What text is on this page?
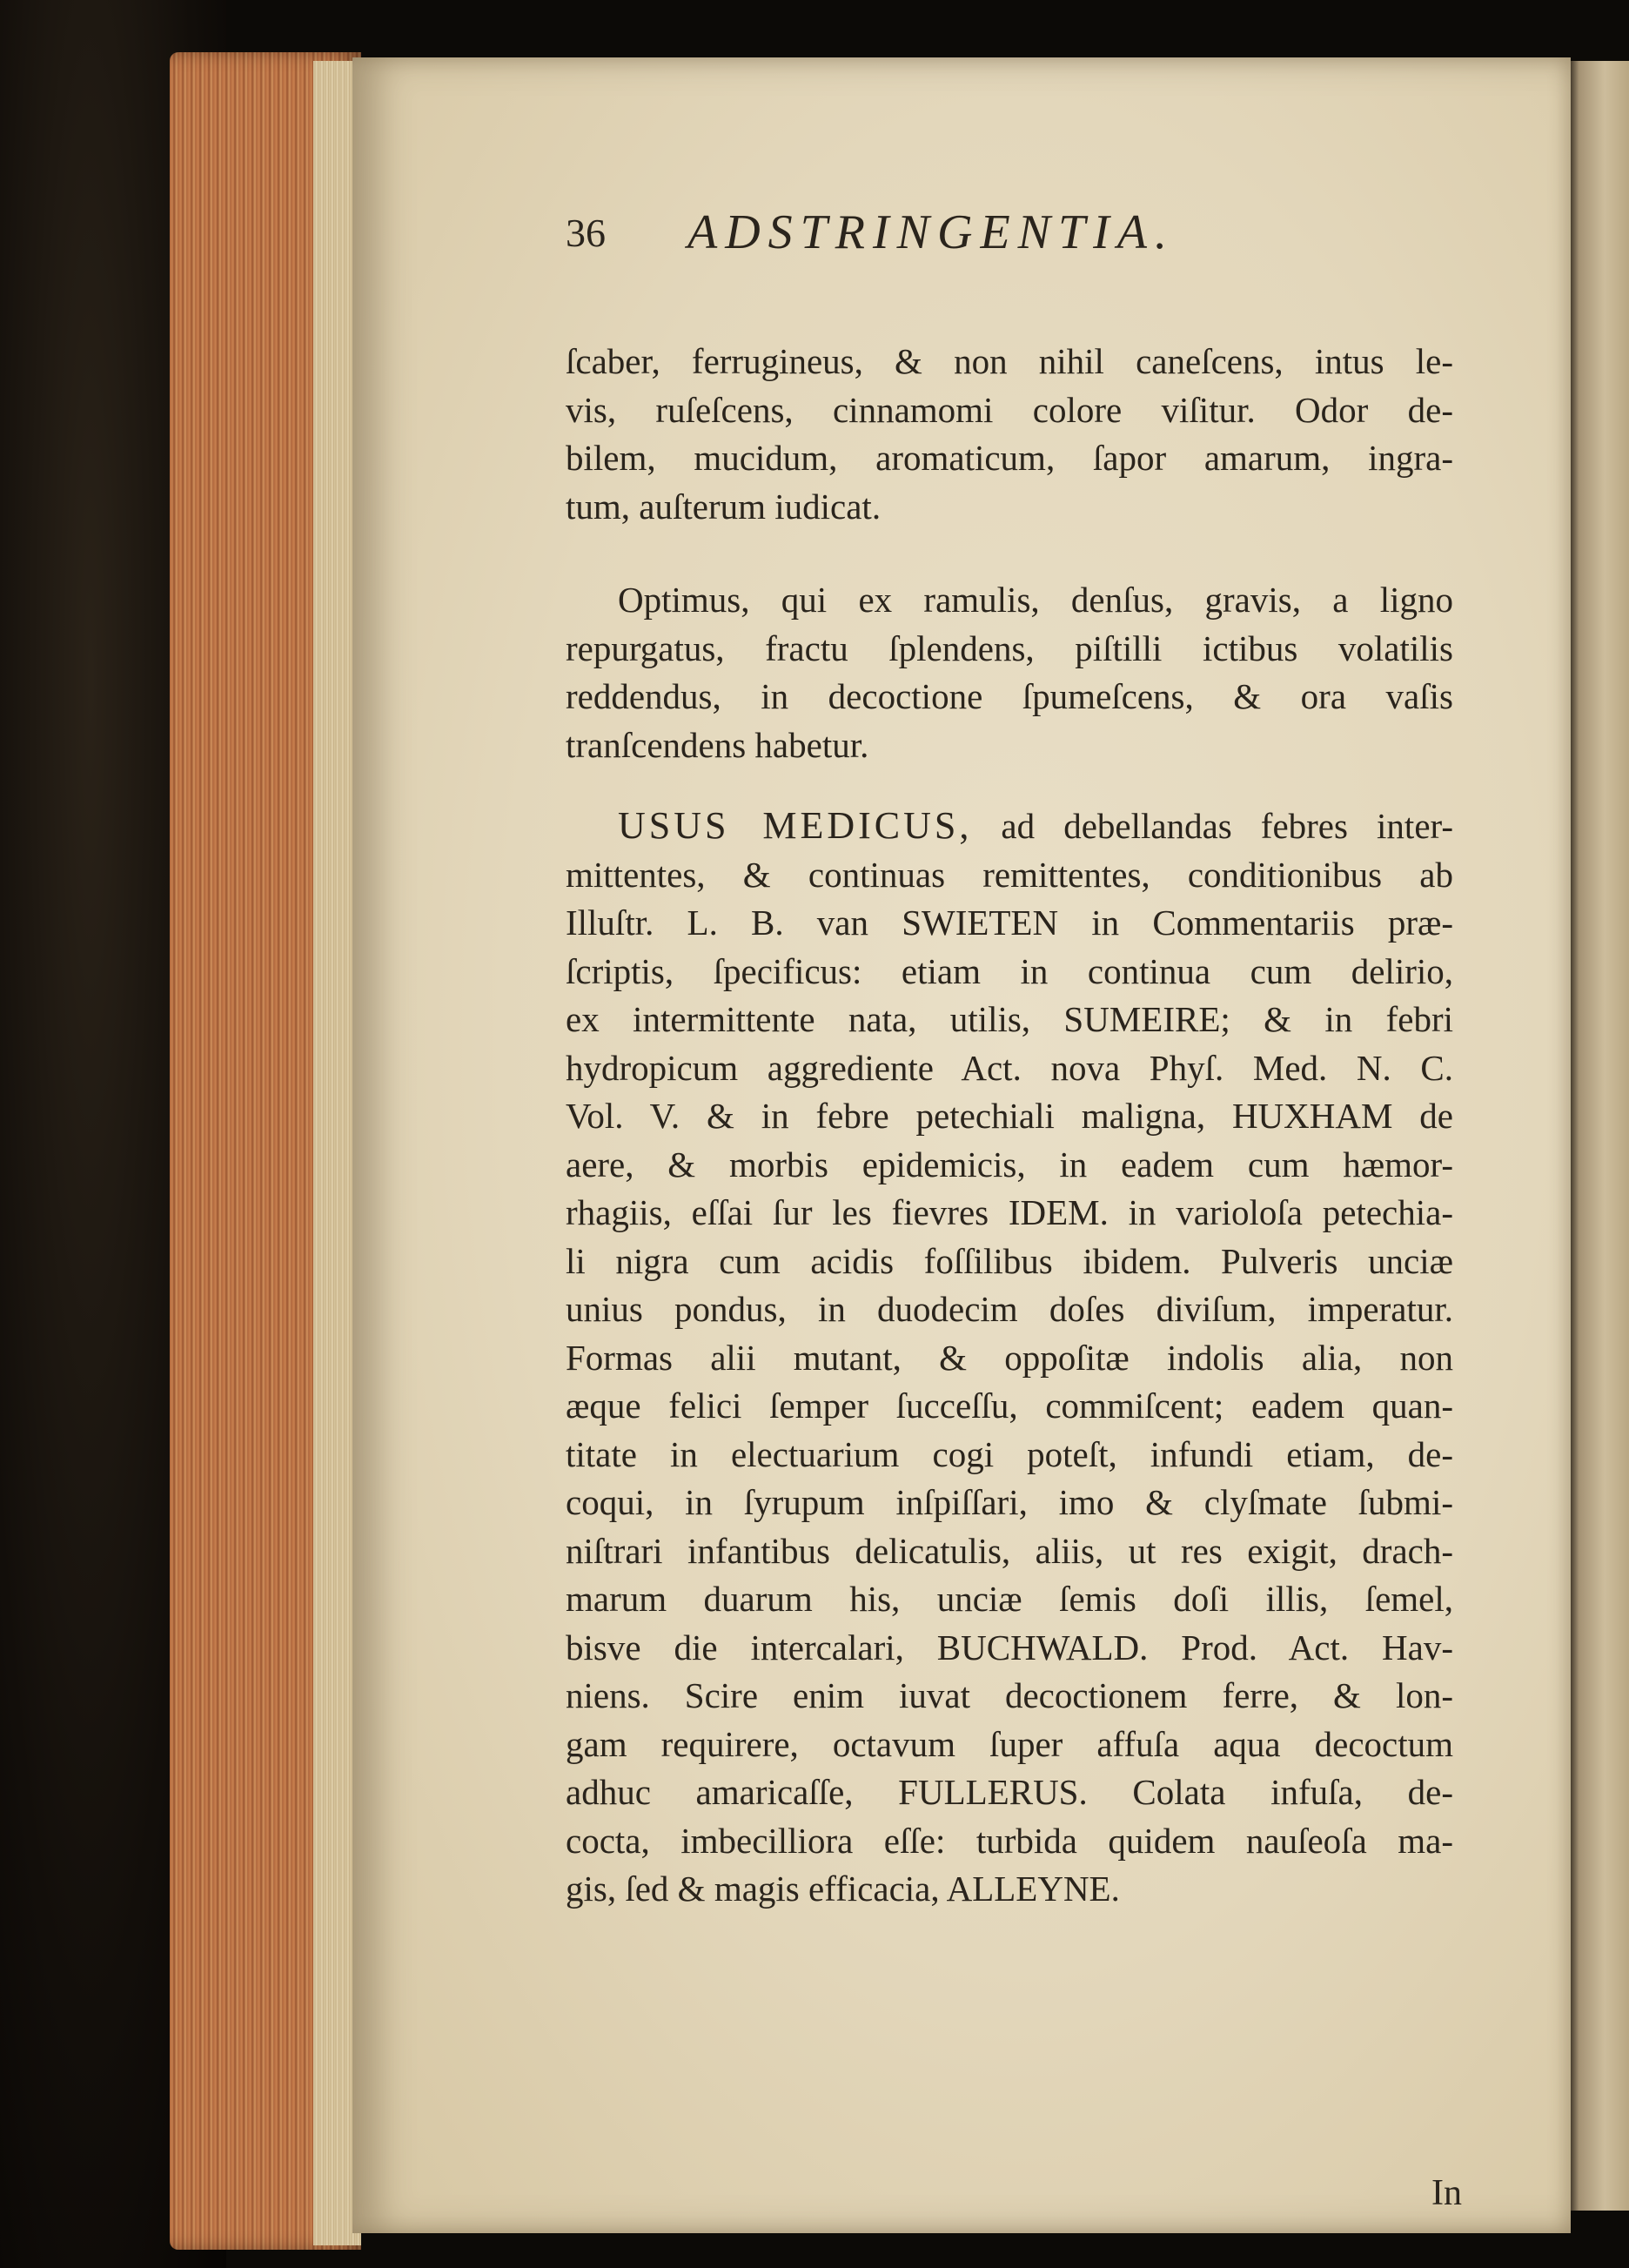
36 ADSTRINGENTIA.
ſcaber, ferrugineus, & non nihil caneſcens, intus le-
vis, ruſeſcens, cinnamomi colore viſitur. Odor de-
bilem, mucidum, aromaticum, ſapor amarum, ingra-
tum, auſterum iudicat.
Optimus, qui ex ramulis, denſus, gravis, a ligno
repurgatus, fractu ſplendens, piſtilli ictibus volatilis
reddendus, in decoctione ſpumeſcens, & ora vaſis
tranſcendens habetur.
USUS MEDICUS, ad debellandas febres inter-
mittentes, & continuas remittentes, conditionibus ab
Illuſtr. L. B. van SWIETEN in Commentariis præ-
ſcriptis, ſpecificus: etiam in continua cum delirio,
ex intermittente nata, utilis, SUMEIRE; & in febri
hydropicum aggrediente Act. nova Phyſ. Med. N. C.
Vol. V. & in febre petechiali maligna, HUXHAM de
aere, & morbis epidemicis, in eadem cum hæmor-
rhagiis, eſſai ſur les fievres IDEM. in varioloſa petechia-
li nigra cum acidis foſſilibus ibidem. Pulveris unciæ
unius pondus, in duodecim doſes diviſum, imperatur.
Formas alii mutant, & oppoſitæ indolis alia, non
æque felici ſemper ſucceſſu, commiſcent; eadem quan-
titate in electuarium cogi poteſt, infundi etiam, de-
coqui, in ſyrupum inſpiſſari, imo & clyſmate ſubmi-
niſtrari infantibus delicatulis, aliis, ut res exigit, drach-
marum duarum his, unciæ ſemis doſi illis, ſemel,
bisve die intercalari, BUCHWALD. Prod. Act. Hav-
niens. Scire enim iuvat decoctionem ferre, & lon-
gam requirere, octavum ſuper affuſa aqua decoctum
adhuc amaricaſſe, FULLERUS. Colata infuſa, de-
cocta, imbecilliora eſſe: turbida quidem nauſeoſa ma-
gis, ſed & magis efficacia, ALLEYNE.
In
